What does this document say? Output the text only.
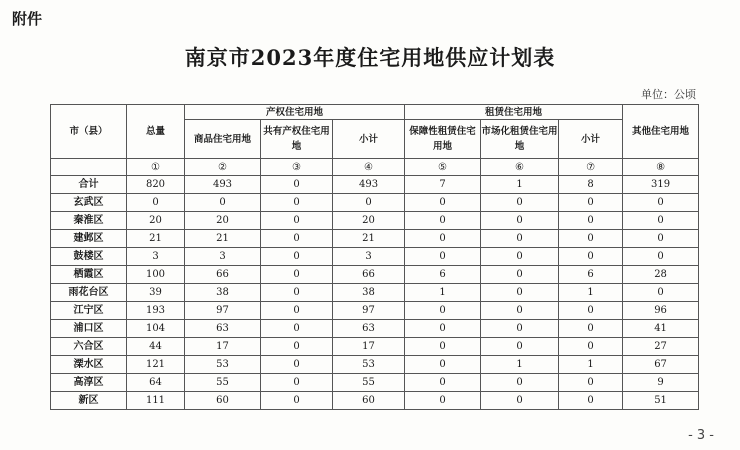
附件
南京市2023年度住宅用地供应计划表
单位：公顷
市（县）	总量	产权住宅用地			租赁住宅用地			其他住宅用地
		商品住宅用地	共有产权住宅用地	小计	保障性租赁住宅用地	市场化租赁住宅用地	小计	
	①	②	③	④	⑤	⑥	⑦	⑧
合计	820	493	0	493	7	1	8	319
玄武区	0	0	0	0	0	0	0	0
秦淮区	20	20	0	20	0	0	0	0
建邺区	21	21	0	21	0	0	0	0
鼓楼区	3	3	0	3	0	0	0	0
栖霞区	100	66	0	66	6	0	6	28
雨花台区	39	38	0	38	1	0	1	0
江宁区	193	97	0	97	0	0	0	96
浦口区	104	63	0	63	0	0	0	41
六合区	44	17	0	17	0	0	0	27
溧水区	121	53	0	53	0	1	1	67
高淳区	64	55	0	55	0	0	0	9
新区	111	60	0	60	0	0	0	51
- 3 -
